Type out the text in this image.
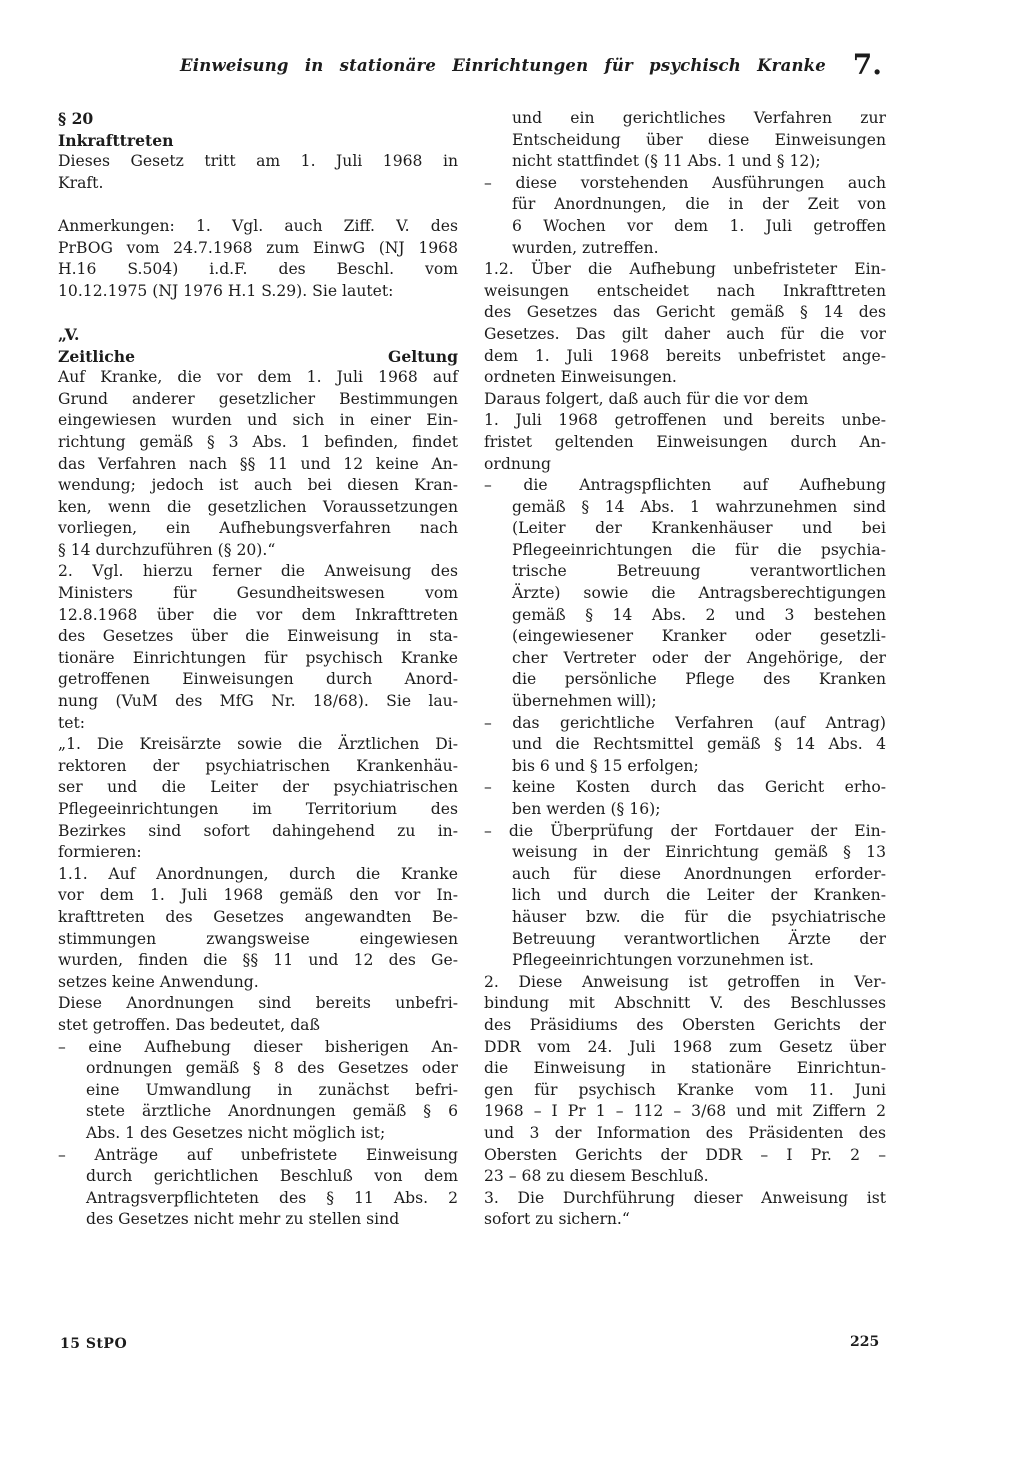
Einweisung in stationäre Einrichtungen für psychisch Kranke 7.
§ 20
Inkrafttreten
Dieses Gesetz tritt am 1. Juli 1968 in
Kraft.
Anmerkungen: 1. Vgl. auch Ziff. V. des
PrBOG vom 24.7.1968 zum EinwG (NJ 1968
H.16 S.504) i.d.F. des Beschl. vom
10.12.1975 (NJ 1976 H.1 S.29). Sie lautet:
„V.
Zeitliche Geltung
Auf Kranke, die vor dem 1. Juli 1968 auf
Grund anderer gesetzlicher Bestimmungen
eingewiesen wurden und sich in einer Ein-
richtung gemäß § 3 Abs. 1 befinden, findet
das Verfahren nach §§ 11 und 12 keine An-
wendung; jedoch ist auch bei diesen Kran-
ken, wenn die gesetzlichen Voraussetzungen
vorliegen, ein Aufhebungsverfahren nach
§ 14 durchzuführen (§ 20).“
2. Vgl. hierzu ferner die Anweisung des
Ministers für Gesundheitswesen vom
12.8.1968 über die vor dem Inkrafttreten
des Gesetzes über die Einweisung in sta-
tionäre Einrichtungen für psychisch Kranke
getroffenen Einweisungen durch Anord-
nung (VuM des MfG Nr. 18/68). Sie lau-
tet:
„1. Die Kreisärzte sowie die Ärztlichen Di-
rektoren der psychiatrischen Krankenhäu-
ser und die Leiter der psychiatrischen
Pflegeeinrichtungen im Territorium des
Bezirkes sind sofort dahingehend zu in-
formieren:
1.1. Auf Anordnungen, durch die Kranke
vor dem 1. Juli 1968 gemäß den vor In-
krafttreten des Gesetzes angewandten Be-
stimmungen zwangsweise eingewiesen
wurden, finden die §§ 11 und 12 des Ge-
setzes keine Anwendung.
Diese Anordnungen sind bereits unbefri-
stet getroffen. Das bedeutet, daß
– eine Aufhebung dieser bisherigen An-
ordnungen gemäß § 8 des Gesetzes oder
eine Umwandlung in zunächst befri-
stete ärztliche Anordnungen gemäß § 6
Abs. 1 des Gesetzes nicht möglich ist;
– Anträge auf unbefristete Einweisung
durch gerichtlichen Beschluß von dem
Antragsverpflichteten des § 11 Abs. 2
des Gesetzes nicht mehr zu stellen sind
und ein gerichtliches Verfahren zur
Entscheidung über diese Einweisungen
nicht stattfindet (§ 11 Abs. 1 und § 12);
– diese vorstehenden Ausführungen auch
für Anordnungen, die in der Zeit von
6 Wochen vor dem 1. Juli getroffen
wurden, zutreffen.
1.2. Über die Aufhebung unbefristeter Ein-
weisungen entscheidet nach Inkrafttreten
des Gesetzes das Gericht gemäß § 14 des
Gesetzes. Das gilt daher auch für die vor
dem 1. Juli 1968 bereits unbefristet ange-
ordneten Einweisungen.
Daraus folgert, daß auch für die vor dem
1. Juli 1968 getroffenen und bereits unbe-
fristet geltenden Einweisungen durch An-
ordnung
– die Antragspflichten auf Aufhebung
gemäß § 14 Abs. 1 wahrzunehmen sind
(Leiter der Krankenhäuser und bei
Pflegeeinrichtungen die für die psychia-
trische Betreuung verantwortlichen
Ärzte) sowie die Antragsberechtigungen
gemäß § 14 Abs. 2 und 3 bestehen
(eingewiesener Kranker oder gesetzli-
cher Vertreter oder der Angehörige, der
die persönliche Pflege des Kranken
übernehmen will);
– das gerichtliche Verfahren (auf Antrag)
und die Rechtsmittel gemäß § 14 Abs. 4
bis 6 und § 15 erfolgen;
– keine Kosten durch das Gericht erho-
ben werden (§ 16);
– die Überprüfung der Fortdauer der Ein-
weisung in der Einrichtung gemäß § 13
auch für diese Anordnungen erforder-
lich und durch die Leiter der Kranken-
häuser bzw. die für die psychiatrische
Betreuung verantwortlichen Ärzte der
Pflegeeinrichtungen vorzunehmen ist.
2. Diese Anweisung ist getroffen in Ver-
bindung mit Abschnitt V. des Beschlusses
des Präsidiums des Obersten Gerichts der
DDR vom 24. Juli 1968 zum Gesetz über
die Einweisung in stationäre Einrichtun-
gen für psychisch Kranke vom 11. Juni
1968 – I Pr 1 – 112 – 3/68 und mit Ziffern 2
und 3 der Information des Präsidenten des
Obersten Gerichts der DDR – I Pr. 2 –
23 – 68 zu diesem Beschluß.
3. Die Durchführung dieser Anweisung ist
sofort zu sichern.“
15 StPO	225
